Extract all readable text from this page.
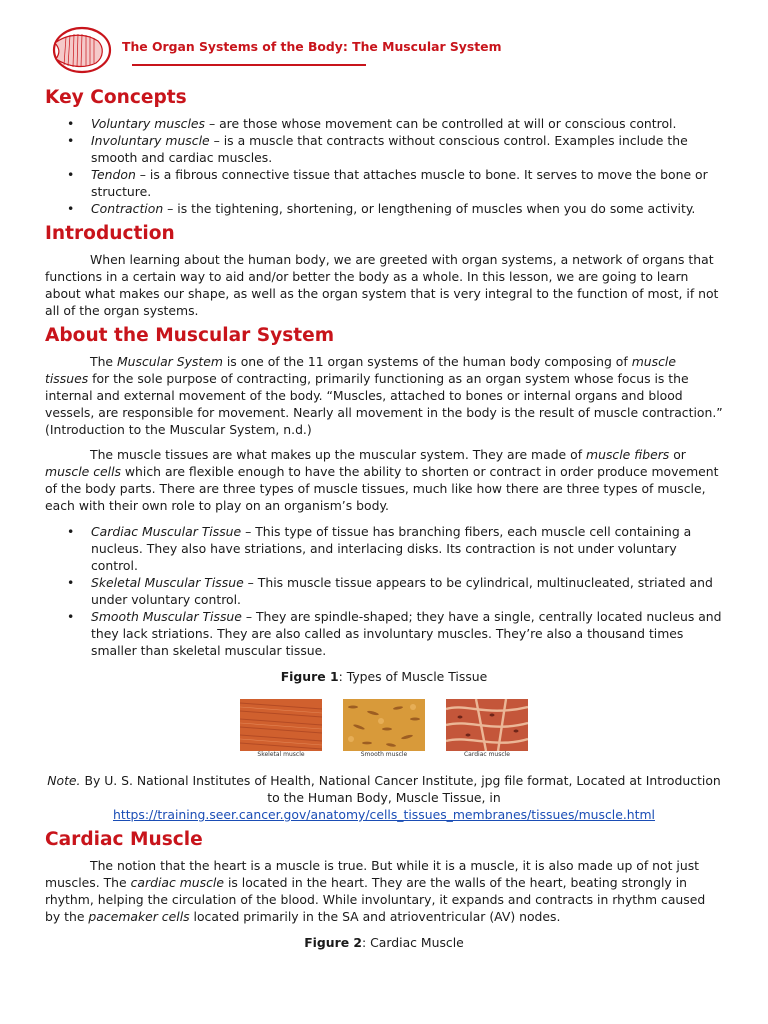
The Organ Systems of the Body: The Muscular System
Key Concepts
• Voluntary muscles – are those whose movement can be controlled at will or conscious control.
• Involuntary muscle – is a muscle that contracts without conscious control. Examples include the smooth and cardiac muscles.
• Tendon – is a fibrous connective tissue that attaches muscle to bone. It serves to move the bone or structure.
• Contraction – is the tightening, shortening, or lengthening of muscles when you do some activity.
Introduction

When learning about the human body, we are greeted with organ systems, a network of organs that functions in a certain way to aid and/or better the body as a whole. In this lesson, we are going to learn about what makes our shape, as well as the organ system that is very integral to the function of most, if not all of the organ systems.

About the Muscular System

The Muscular System is one of the 11 organ systems of the human body composing of muscle tissues for the sole purpose of contracting, primarily functioning as an organ system whose focus is the internal and external movement of the body. “Muscles, attached to bones or internal organs and blood vessels, are responsible for movement. Nearly all movement in the body is the result of muscle contraction.” (Introduction to the Muscular System, n.d.)

The muscle tissues are what makes up the muscular system. They are made of muscle fibers or muscle cells which are flexible enough to have the ability to shorten or contract in order produce movement of the body parts. There are three types of muscle tissues, much like how there are three types of muscle, each with their own role to play on an organism’s body.

• Cardiac Muscular Tissue – This type of tissue has branching fibers, each muscle cell containing a nucleus. They also have striations, and interlacing disks. Its contraction is not under voluntary control.
• Skeletal Muscular Tissue – This muscle tissue appears to be cylindrical, multinucleated, striated and under voluntary control.
• Smooth Muscular Tissue – They are spindle-shaped; they have a single, centrally located nucleus and they lack striations. They are also called as involuntary muscles. They’re also a thousand times smaller than skeletal muscular tissue.

Figure 1: Types of Muscle Tissue

Skeletal muscle	Smooth muscle	Cardiac muscle

Note. By U. S. National Institutes of Health, National Cancer Institute, jpg file format, Located at Introduction to the Human Body, Muscle Tissue, in
https://training.seer.cancer.gov/anatomy/cells_tissues_membranes/tissues/muscle.html

Cardiac Muscle

The notion that the heart is a muscle is true. But while it is a muscle, it is also made up of not just muscles. The cardiac muscle is located in the heart. They are the walls of the heart, beating strongly in rhythm, helping the circulation of the blood. While involuntary, it expands and contracts in rhythm caused by the pacemaker cells located primarily in the SA and atrioventricular (AV) nodes.

Figure 2: Cardiac Muscle
